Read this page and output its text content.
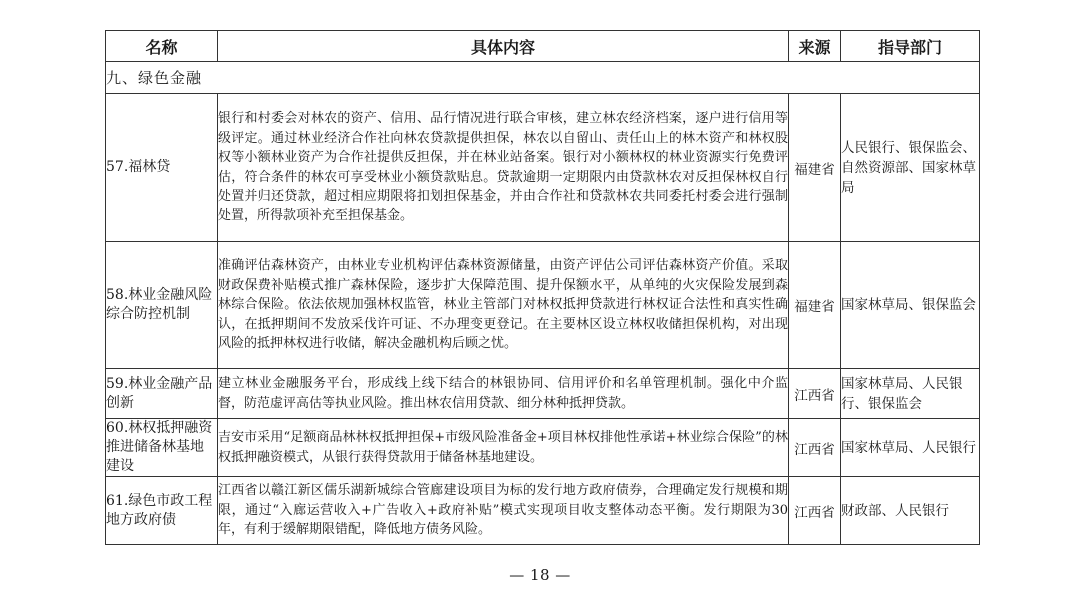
名称	具体内容	来源	指导部门
九、绿色金融			
57.福林贷	银行和村委会对林农的资产、信用、品行情况进行联合审核，建立林农经济档案，逐户进行信用等级评定。通过林业经济合作社向林农贷款提供担保，林农以自留山、责任山上的林木资产和林权股权等小额林业资产为合作社提供反担保，并在林业站备案。银行对小额林权的林业资源实行免费评估，符合条件的林农可享受林业小额贷款贴息。贷款逾期一定期限内由贷款林农对反担保林权自行处置并归还贷款，超过相应期限将扣划担保基金，并由合作社和贷款林农共同委托村委会进行强制处置，所得款项补充至担保基金。	福建省	人民银行、银保监会、自然资源部、国家林草局
58.林业金融风险综合防控机制	准确评估森林资产，由林业专业机构评估森林资源储量，由资产评估公司评估森林资产价值。采取财政保费补贴模式推广森林保险，逐步扩大保障范围、提升保额水平，从单纯的火灾保险发展到森林综合保险。依法依规加强林权监管，林业主管部门对林权抵押贷款进行林权证合法性和真实性确认，在抵押期间不发放采伐许可证、不办理变更登记。在主要林区设立林权收储担保机构，对出现风险的抵押林权进行收储，解决金融机构后顾之忧。	福建省	国家林草局、银保监会
59.林业金融产品创新	建立林业金融服务平台，形成线上线下结合的林银协同、信用评价和名单管理机制。强化中介监督，防范虚评高估等执业风险。推出林农信用贷款、细分林种抵押贷款。	江西省	国家林草局、人民银行、银保监会
60.林权抵押融资推进储备林基地建设	吉安市采用“足额商品林林权抵押担保+市级风险准备金+项目林权排他性承诺+林业综合保险”的林权抵押融资模式，从银行获得贷款用于储备林基地建设。	江西省	国家林草局、人民银行
61.绿色市政工程地方政府债	江西省以赣江新区儒乐湖新城综合管廊建设项目为标的发行地方政府债券，合理确定发行规模和期限，通过“入廊运营收入+广告收入+政府补贴”模式实现项目收支整体动态平衡。发行期限为30年，有利于缓解期限错配，降低地方债务风险。	江西省	财政部、人民银行
— 18 —
